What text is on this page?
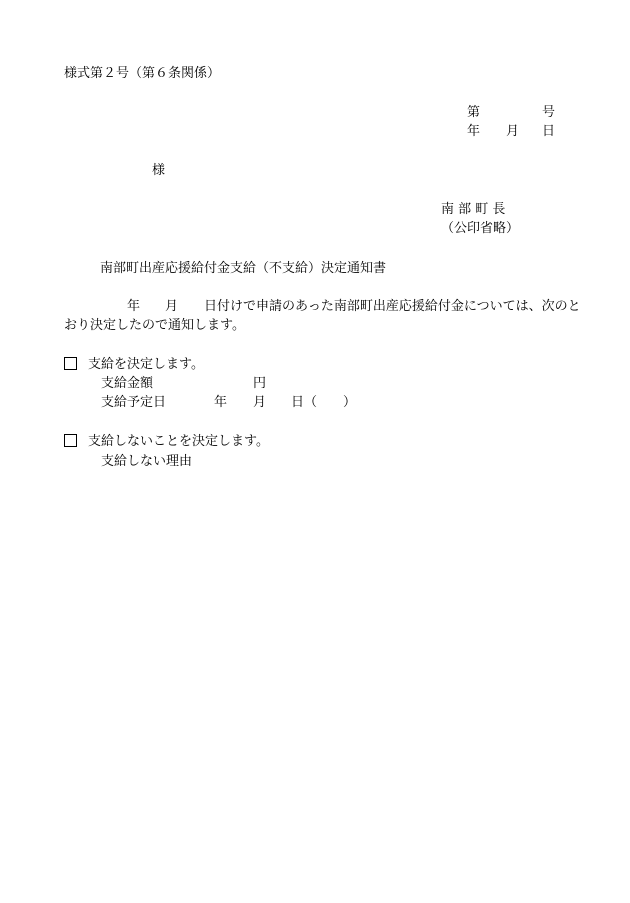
様式第２号（第６条関係）

第	号

年 月 日

様

南 部 町 長

（公印省略）

南部町出産応援給付金支給（不支給）決定通知書

年 月 日付けで申請のあった南部町出産応援給付金については、次のと

おり決定したので通知します。

支給を決定します。

支給金額	円

支給予定日	年 月 日（　　）

支給しないことを決定します。

支給しない理由
